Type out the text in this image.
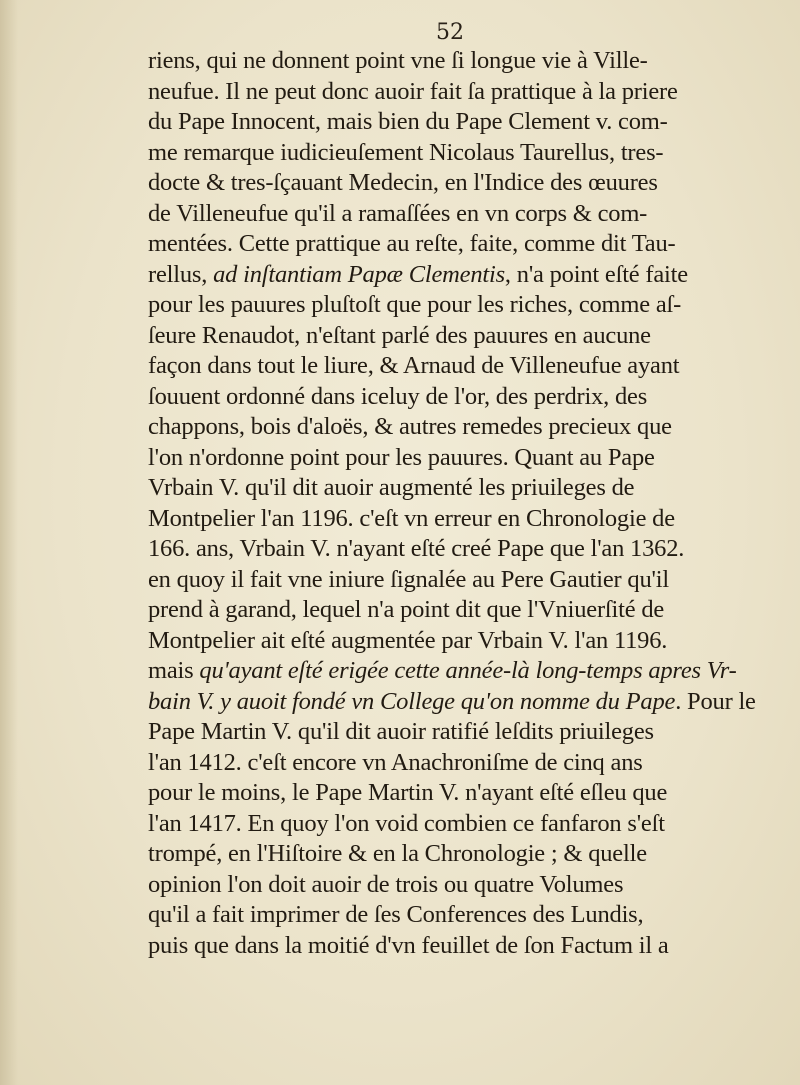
52

riens, qui ne donnent point vne ſi longue vie à Ville-
neufue. Il ne peut donc auoir fait ſa prattique à la priere
du Pape Innocent, mais bien du Pape Clement v. com-
me remarque iudicieuſement Nicolaus Taurellus, tres-
docte & tres-ſçauant Medecin, en l'Indice des œuures
de Villeneufue qu'il a ramaſſées en vn corps & com-
mentées. Cette prattique au reſte, faite, comme dit Tau-
rellus, ad inſtantiam Papæ Clementis, n'a point eſté faite
pour les pauures pluſtoſt que pour les riches, comme aſ-
ſeure Renaudot, n'eſtant parlé des pauures en aucune
façon dans tout le liure, & Arnaud de Villeneufue ayant
ſouuent ordonné dans iceluy de l'or, des perdrix, des
chappons, bois d'aloës, & autres remedes precieux que
l'on n'ordonne point pour les pauures. Quant au Pape
Vrbain V. qu'il dit auoir augmenté les priuileges de
Montpelier l'an 1196. c'eſt vn erreur en Chronologie de
166. ans, Vrbain V. n'ayant eſté creé Pape que l'an 1362.
en quoy il fait vne iniure ſignalée au Pere Gautier qu'il
prend à garand, lequel n'a point dit que l'Vniuerſité de
Montpelier ait eſté augmentée par Vrbain V. l'an 1196.
mais qu'ayant eſté erigée cette année-là long-temps apres Vr-
bain V. y auoit fondé vn College qu'on nomme du Pape. Pour le
Pape Martin V. qu'il dit auoir ratifié leſdits priuileges
l'an 1412. c'eſt encore vn Anachroniſme de cinq ans
pour le moins, le Pape Martin V. n'ayant eſté eſleu que
l'an 1417. En quoy l'on void combien ce fanfaron s'eſt
trompé, en l'Hiſtoire & en la Chronologie ; & quelle
opinion l'on doit auoir de trois ou quatre Volumes
qu'il a fait imprimer de ſes Conferences des Lundis,
puis que dans la moitié d'vn feuillet de ſon Factum il a
